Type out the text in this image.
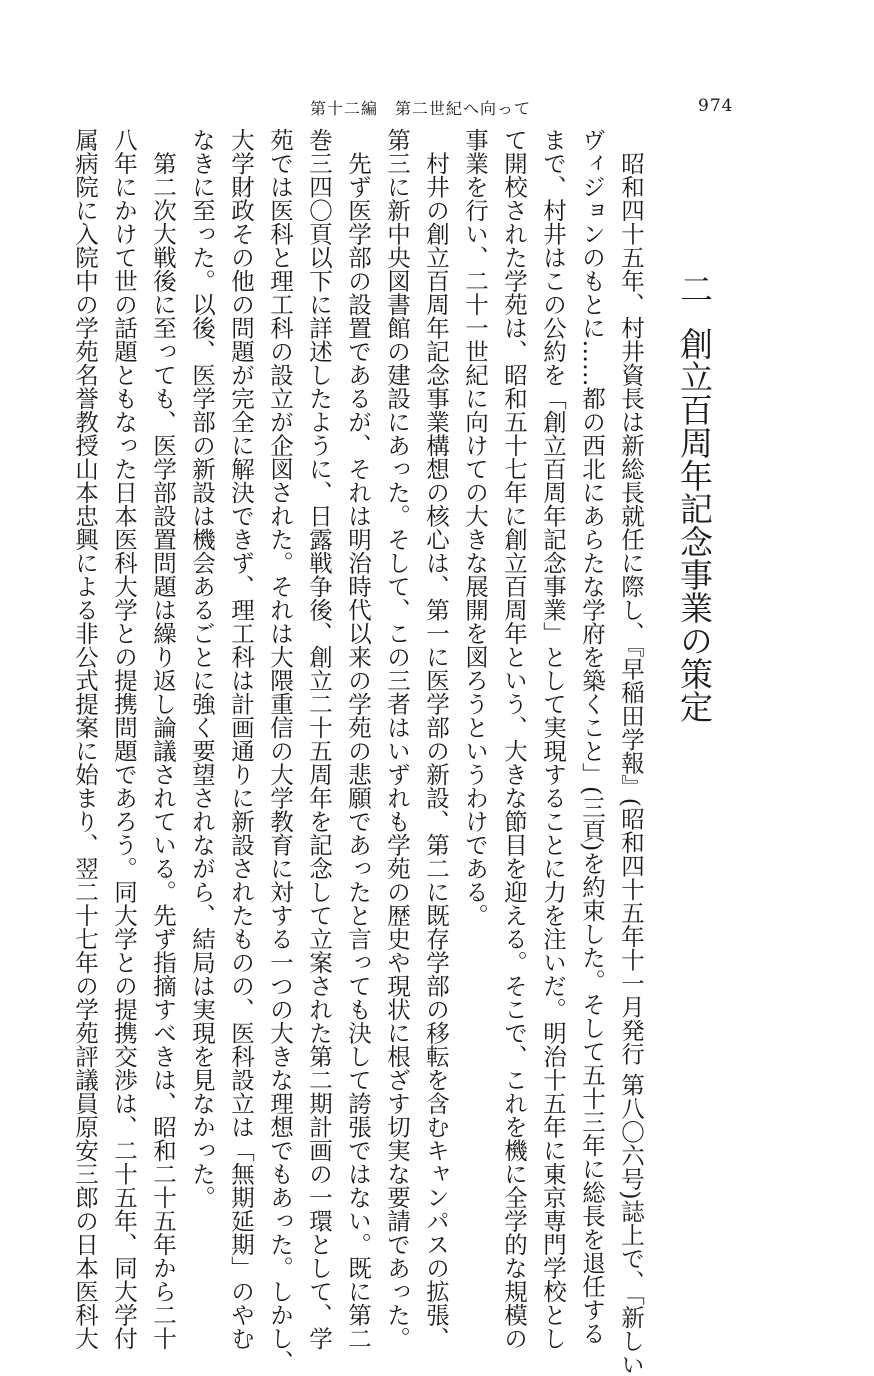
第十二編　第二世紀へ向って	974
二創立百周年記念事業の策定
　昭和四十五年、村井資長は新総長就任に際し、『早稲田学報』(昭和四十五年十一月発行 第八〇六号)誌上で、「新しい
ヴィジョンのもとに……都の西北にあらたな学府を築くこと」(三頁)を約束した。そして五十三年に総長を退任する
まで、村井はこの公約を「創立百周年記念事業」として実現することに力を注いだ。明治十五年に東京専門学校とし
て開校された学苑は、昭和五十七年に創立百周年という、大きな節目を迎える。そこで、これを機に全学的な規模の
事業を行い、二十一世紀に向けての大きな展開を図ろうというわけである。
　村井の創立百周年記念事業構想の核心は、第一に医学部の新設、第二に既存学部の移転を含むキャンパスの拡張、
第三に新中央図書館の建設にあった。そして、この三者はいずれも学苑の歴史や現状に根ざす切実な要請であった。
　先ず医学部の設置であるが、それは明治時代以来の学苑の悲願であったと言っても決して誇張ではない。既に第二
巻三四〇頁以下に詳述したように、日露戦争後、創立二十五周年を記念して立案された第二期計画の一環として、学
苑では医科と理工科の設立が企図された。それは大隈重信の大学教育に対する一つの大きな理想でもあった。しかし、
大学財政その他の問題が完全に解決できず、理工科は計画通りに新設されたものの、医科設立は「無期延期」のやむ
なきに至った。以後、医学部の新設は機会あるごとに強く要望されながら、結局は実現を見なかった。
　第二次大戦後に至っても、医学部設置問題は繰り返し論議されている。先ず指摘すべきは、昭和二十五年から二十
八年にかけて世の話題ともなった日本医科大学との提携問題であろう。同大学との提携交渉は、二十五年、同大学付
属病院に入院中の学苑名誉教授山本忠興による非公式提案に始まり、翌二十七年の学苑評議員原安三郎の日本医科大
